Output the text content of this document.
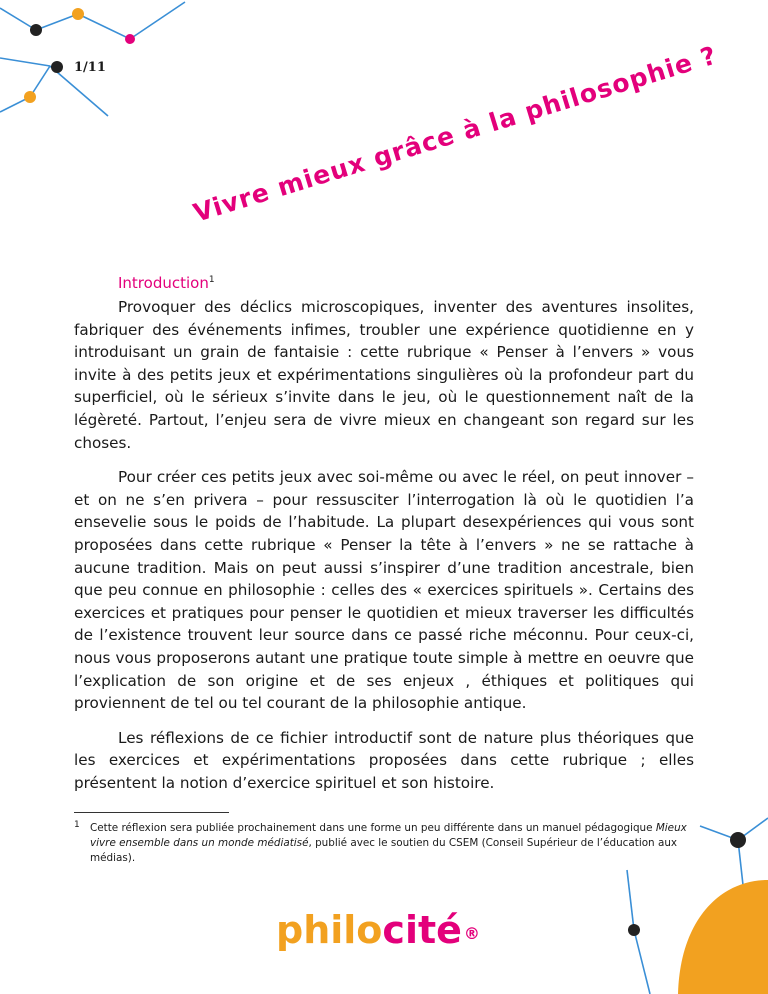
1/11	Vivre mieux grâce à la philosophie ?
Introduction$^1$

Provoquer des déclics microscopiques, inventer des aventures insolites, fabriquer des événements infimes, troubler une expérience quotidienne en y introduisant un grain de fantaisie : cette rubrique « Penser à l’envers » vous invite à des petits jeux et expérimentations singulières où la profondeur part du superficiel, où le sérieux s’invite dans le jeu, où le questionnement naît de la légèreté. Partout, l’enjeu sera de vivre mieux en changeant son regard sur les choses.

Pour créer ces petits jeux avec soi-même ou avec le réel, on peut innover – et on ne s’en privera – pour ressusciter l’interrogation là où le quotidien l’a ensevelie sous le poids de l’habitude. La plupart desexpériences qui vous sont proposées dans cette rubrique « Penser la tête à l’envers » ne se rattache à aucune tradition. Mais on peut aussi s’inspirer d’une tradition ancestrale, bien que peu connue en philosophie : celles des « exercices spirituels ». Certains des exercices et pratiques pour penser le quotidien et mieux traverser les difficultés de l’existence trouvent leur source dans ce passé riche méconnu. Pour ceux-ci, nous vous proposerons autant une pratique toute simple à mettre en oeuvre que l’explication de son origine et de ses enjeux , éthiques et politiques qui proviennent de tel ou tel courant de la philosophie antique.

Les réflexions de ce fichier introductif sont de nature plus théoriques que les exercices et expérimentations proposées dans cette rubrique ; elles présentent la notion d’exercice spirituel et son histoire.

1 Cette réflexion sera publiée prochainement dans une forme un peu différente dans un manuel pédagogique Mieux vivre ensemble dans un monde médiatisé, publié avec le soutien du CSEM (Conseil Supérieur de l’éducation aux médias).
philocité ®
